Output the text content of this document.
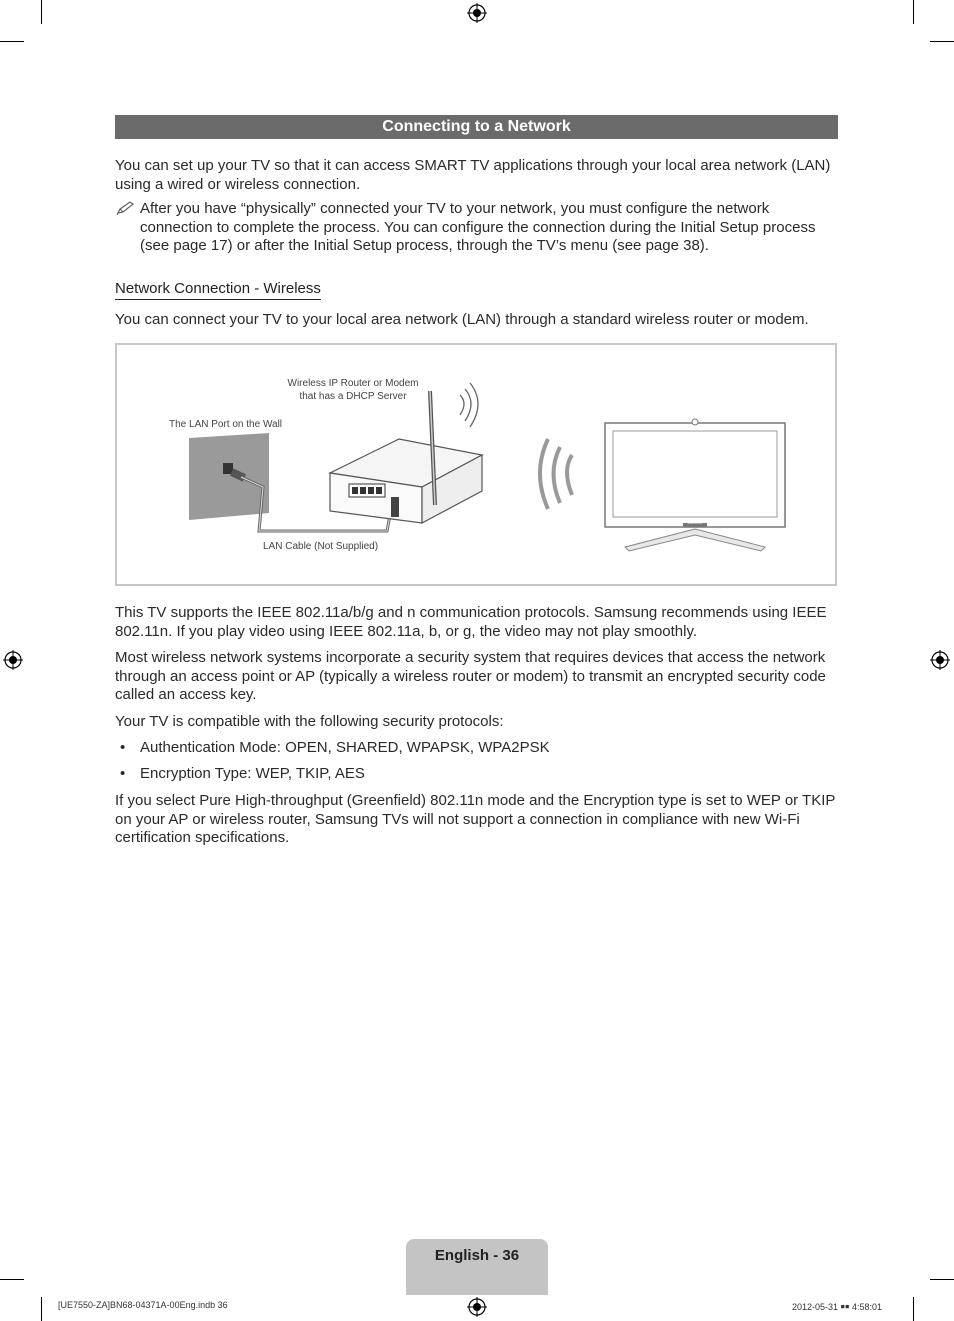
Connecting to a Network
You can set up your TV so that it can access SMART TV applications through your local area network (LAN) using a wired or wireless connection.
After you have “physically” connected your TV to your network, you must configure the network connection to complete the process. You can configure the connection during the Initial Setup process (see page 17) or after the Initial Setup process, through the TV’s menu (see page 38).
Network Connection - Wireless
You can connect your TV to your local area network (LAN) through a standard wireless router or modem.
Wireless IP Router or Modem
that has a DHCP Server
The LAN Port on the Wall
LAN Cable (Not Supplied)
SAMSUNG
This TV supports the IEEE 802.11a/b/g and n communication protocols. Samsung recommends using IEEE 802.11n. If you play video using IEEE 802.11a, b, or g, the video may not play smoothly.
Most wireless network systems incorporate a security system that requires devices that access the network through an access point or AP (typically a wireless router or modem) to transmit an encrypted security code called an access key.
Your TV is compatible with the following security protocols:
• Authentication Mode: OPEN, SHARED, WPAPSK, WPA2PSK
• Encryption Type: WEP, TKIP, AES
If you select Pure High-throughput (Greenfield) 802.11n mode and the Encryption type is set to WEP or TKIP on your AP or wireless router, Samsung TVs will not support a connection in compliance with new Wi-Fi certification specifications.
English - 36
[UE7550-ZA]BN68-04371A-00Eng.indb 36	2012-05-31 ￭￭ 4:58:01
